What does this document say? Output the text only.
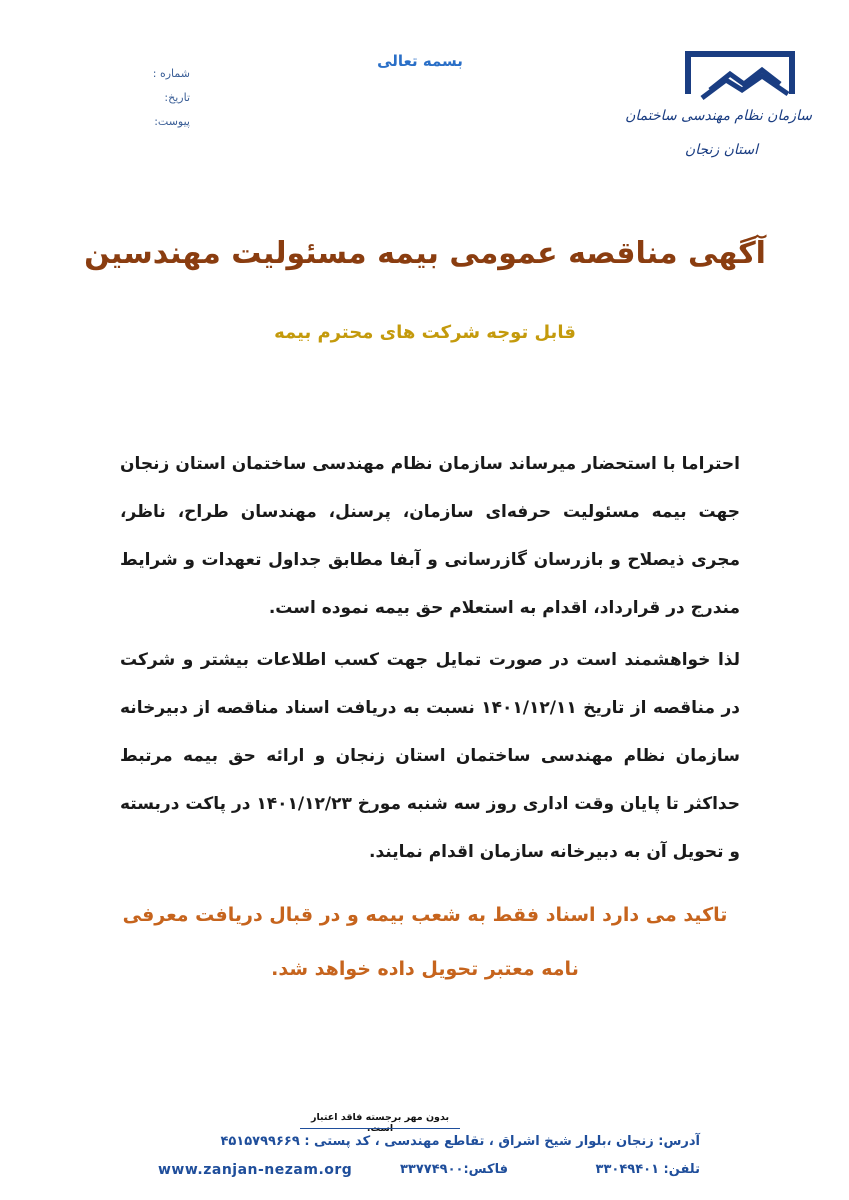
بسمه تعالی
شماره :
تاریخ:
پیوست:	سازمان نظام مهندسی ساختمان
استان زنجان
آگهی مناقصه عمومی بیمه مسئولیت مهندسین
قابل توجه شرکت های محترم بیمه
احتراما با استحضار میرساند سازمان نظام مهندسی ساختمان استان زنجان جهت بیمه مسئولیت حرفه‌ای سازمان، پرسنل، مهندسان طراح، ناظر، مجری ذیصلاح و بازرسان گازرسانی و آبفا مطابق جداول تعهدات و شرایط مندرج در قرارداد، اقدام به استعلام حق بیمه نموده است.
لذا خواهشمند است در صورت تمایل جهت کسب اطلاعات بیشتر و شرکت در مناقصه از تاریخ ۱۴۰۱/۱۲/۱۱ نسبت به دریافت اسناد مناقصه از دبیرخانه سازمان نظام مهندسی ساختمان استان زنجان و ارائه حق بیمه مرتبط حداکثر تا پایان وقت اداری روز سه شنبه مورخ ۱۴۰۱/۱۲/۲۳ در پاکت دربسته و تحویل آن به دبیرخانه سازمان اقدام نمایند.
تاکید می دارد اسناد فقط به شعب بیمه و در قبال دریافت معرفی نامه معتبر تحویل داده خواهد شد.
بدون مهر برجسته فاقد اعتبار
آدرس: زنجان ،بلوار شیخ اشراق ، تقاطع مهندسی ، کد پستی : ۴۵۱۵۷۹۹۶۶۹
www.zanjan-nezam.org	فاکس:۳۳۷۷۴۹۰۰	تلفن: ۳۳۰۴۹۴۰۱
